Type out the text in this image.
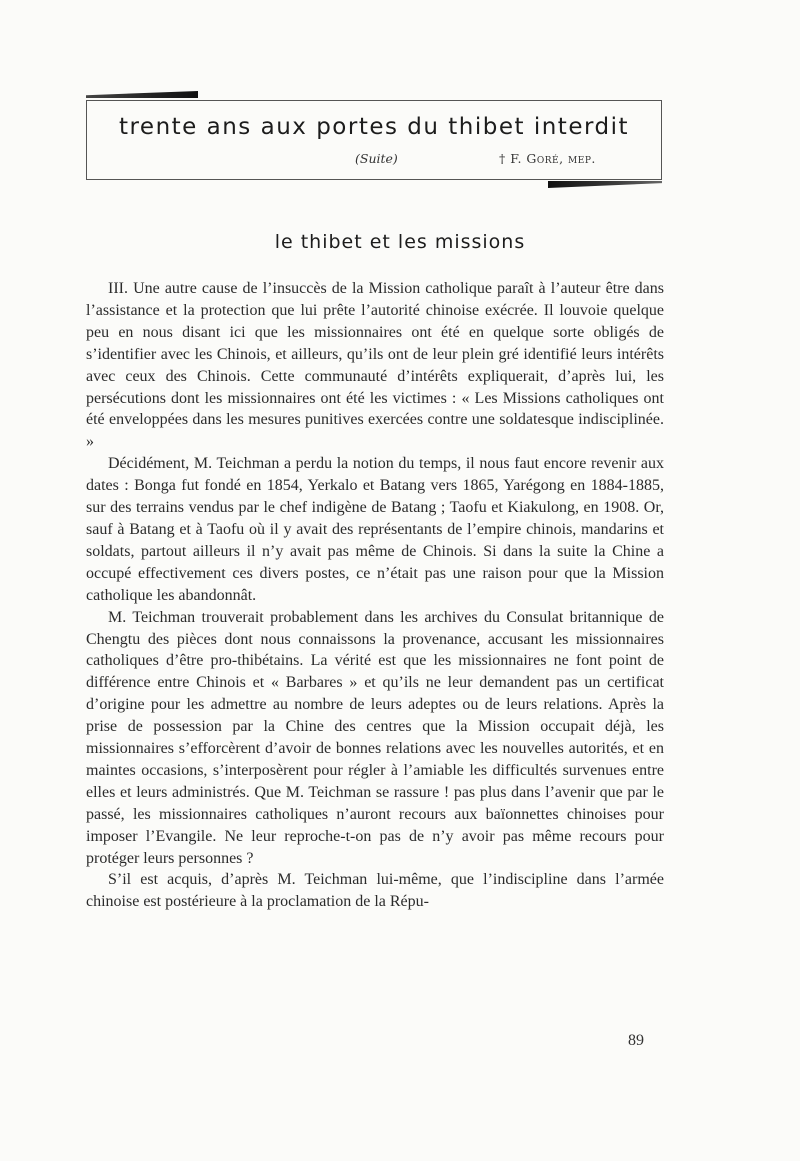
trente ans aux portes du thibet interdit
(Suite)	† F. Goré, mep.
le thibet et les missions

III. Une autre cause de l’insuccès de la Mission catholique paraît à l’auteur être dans l’assistance et la protection que lui prête l’autorité chinoise exécrée. Il louvoie quelque peu en nous disant ici que les missionnaires ont été en quelque sorte obligés de s’identifier avec les Chinois, et ailleurs, qu’ils ont de leur plein gré identifié leurs intérêts avec ceux des Chinois. Cette communauté d’intérêts expliquerait, d’après lui, les persécutions dont les missionnaires ont été les victimes : « Les Missions catholiques ont été enveloppées dans les mesures punitives exercées contre une soldatesque indisciplinée. »

Décidément, M. Teichman a perdu la notion du temps, il nous faut encore revenir aux dates : Bonga fut fondé en 1854, Yerkalo et Batang vers 1865, Yarégong en 1884-1885, sur des terrains vendus par le chef indigène de Batang ; Taofu et Kiakulong, en 1908. Or, sauf à Batang et à Taofu où il y avait des représentants de l’empire chinois, mandarins et soldats, partout ailleurs il n’y avait pas même de Chinois. Si dans la suite la Chine a occupé effectivement ces divers postes, ce n’était pas une raison pour que la Mission catholique les abandonnât.

M. Teichman trouverait probablement dans les archives du Consulat britannique de Chengtu des pièces dont nous connaissons la provenance, accusant les missionnaires catholiques d’être pro-thibétains. La vérité est que les missionnaires ne font point de différence entre Chinois et « Barbares » et qu’ils ne leur demandent pas un certificat d’origine pour les admettre au nombre de leurs adeptes ou de leurs relations. Après la prise de possession par la Chine des centres que la Mission occupait déjà, les missionnaires s’efforcèrent d’avoir de bonnes relations avec les nouvelles autorités, et en maintes occasions, s’interposèrent pour régler à l’amiable les difficultés survenues entre elles et leurs administrés. Que M. Teichman se rassure ! pas plus dans l’avenir que par le passé, les missionnaires catholiques n’auront recours aux baïonnettes chinoises pour imposer l’Evangile. Ne leur reproche-t-on pas de n’y avoir pas même recours pour protéger leurs personnes ?

S’il est acquis, d’après M. Teichman lui-même, que l’indiscipline dans l’armée chinoise est postérieure à la proclamation de la Répu-

89
